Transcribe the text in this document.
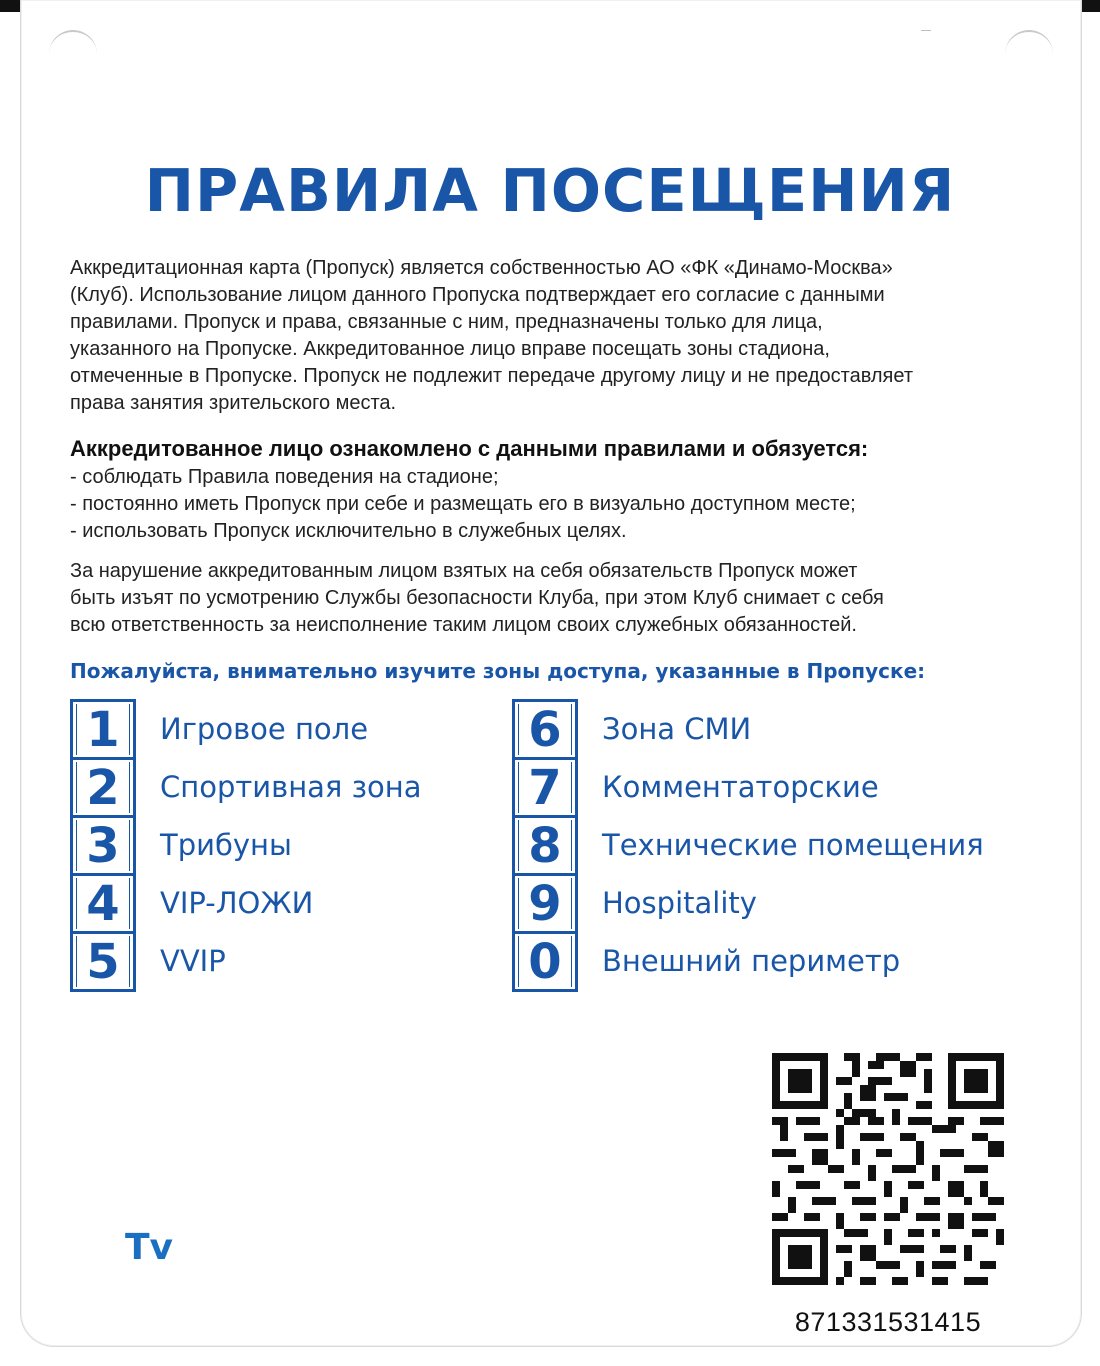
ПРАВИЛА ПОСЕЩЕНИЯ
Аккредитационная карта (Пропуск) является собственностью АО «ФК «Динамо-Москва»
(Клуб). Использование лицом данного Пропуска подтверждает его согласие с данными
правилами. Пропуск и права, связанные с ним, предназначены только для лица,
указанного на Пропуске. Аккредитованное лицо вправе посещать зоны стадиона,
отмеченные в Пропуске. Пропуск не подлежит передаче другому лицу и не предоставляет
права занятия зрительского места.
Аккредитованное лицо ознакомлено с данными правилами и обязуется:
- соблюдать Правила поведения на стадионе;
- постоянно иметь Пропуск при себе и размещать его в визуально доступном месте;
- использовать Пропуск исключительно в служебных целях.
За нарушение аккредитованным лицом взятых на себя обязательств Пропуск может
быть изъят по усмотрению Службы безопасности Клуба, при этом Клуб снимает с себя
всю ответственность за неисполнение таким лицом своих служебных обязанностей.
Пожалуйста, внимательно изучите зоны доступа, указанные в Пропуске:
1	Игровое поле
2	Спортивная зона
3	Трибуны
4	VIP-ЛОЖИ
5	VVIP
6	Зона СМИ
7	Комментаторские
8	Технические помещения
9	Hospitality
0	Внешний периметр
Tv
871331531415
